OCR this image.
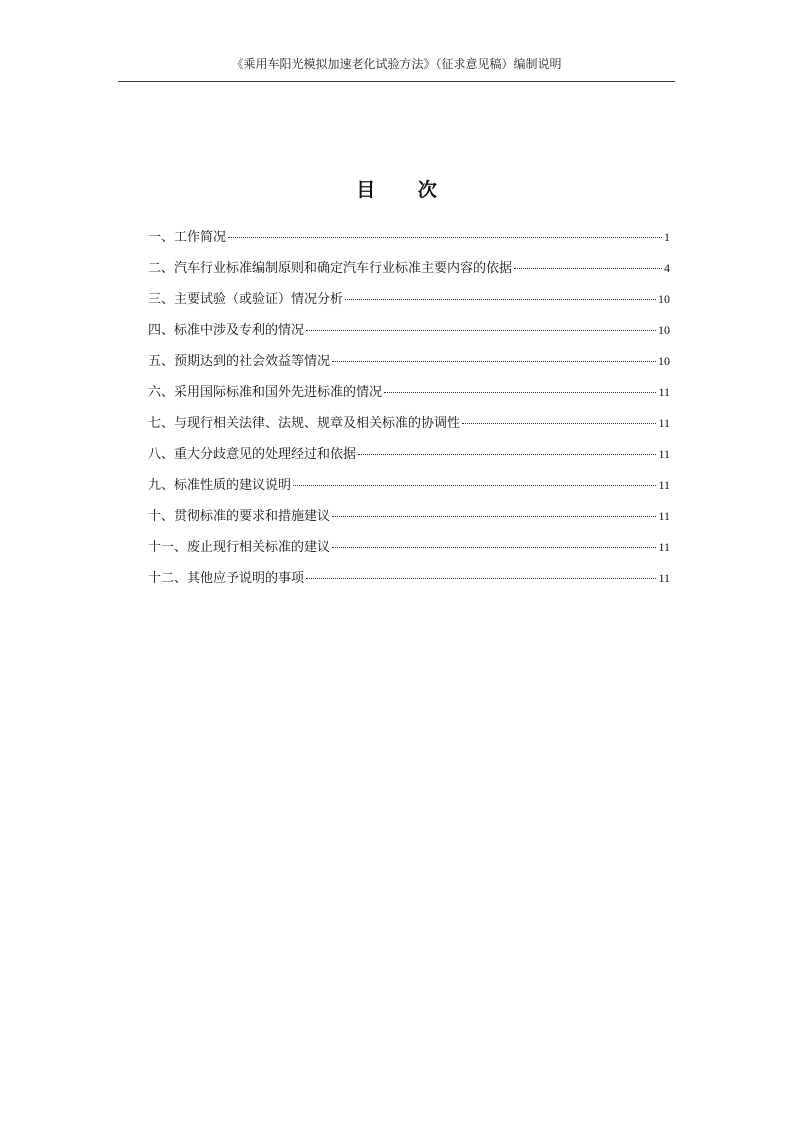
《乘用车阳光模拟加速老化试验方法》（征求意见稿）编制说明
目 次
一、工作简况	1
二、汽车行业标准编制原则和确定汽车行业标准主要内容的依据	4
三、主要试验（或验证）情况分析	10
四、标准中涉及专利的情况	10
五、预期达到的社会效益等情况	10
六、采用国际标准和国外先进标准的情况	11
七、与现行相关法律、法规、规章及相关标准的协调性	11
八、重大分歧意见的处理经过和依据	11
九、标准性质的建议说明	11
十、贯彻标准的要求和措施建议	11
十一、废止现行相关标准的建议	11
十二、其他应予说明的事项	11
